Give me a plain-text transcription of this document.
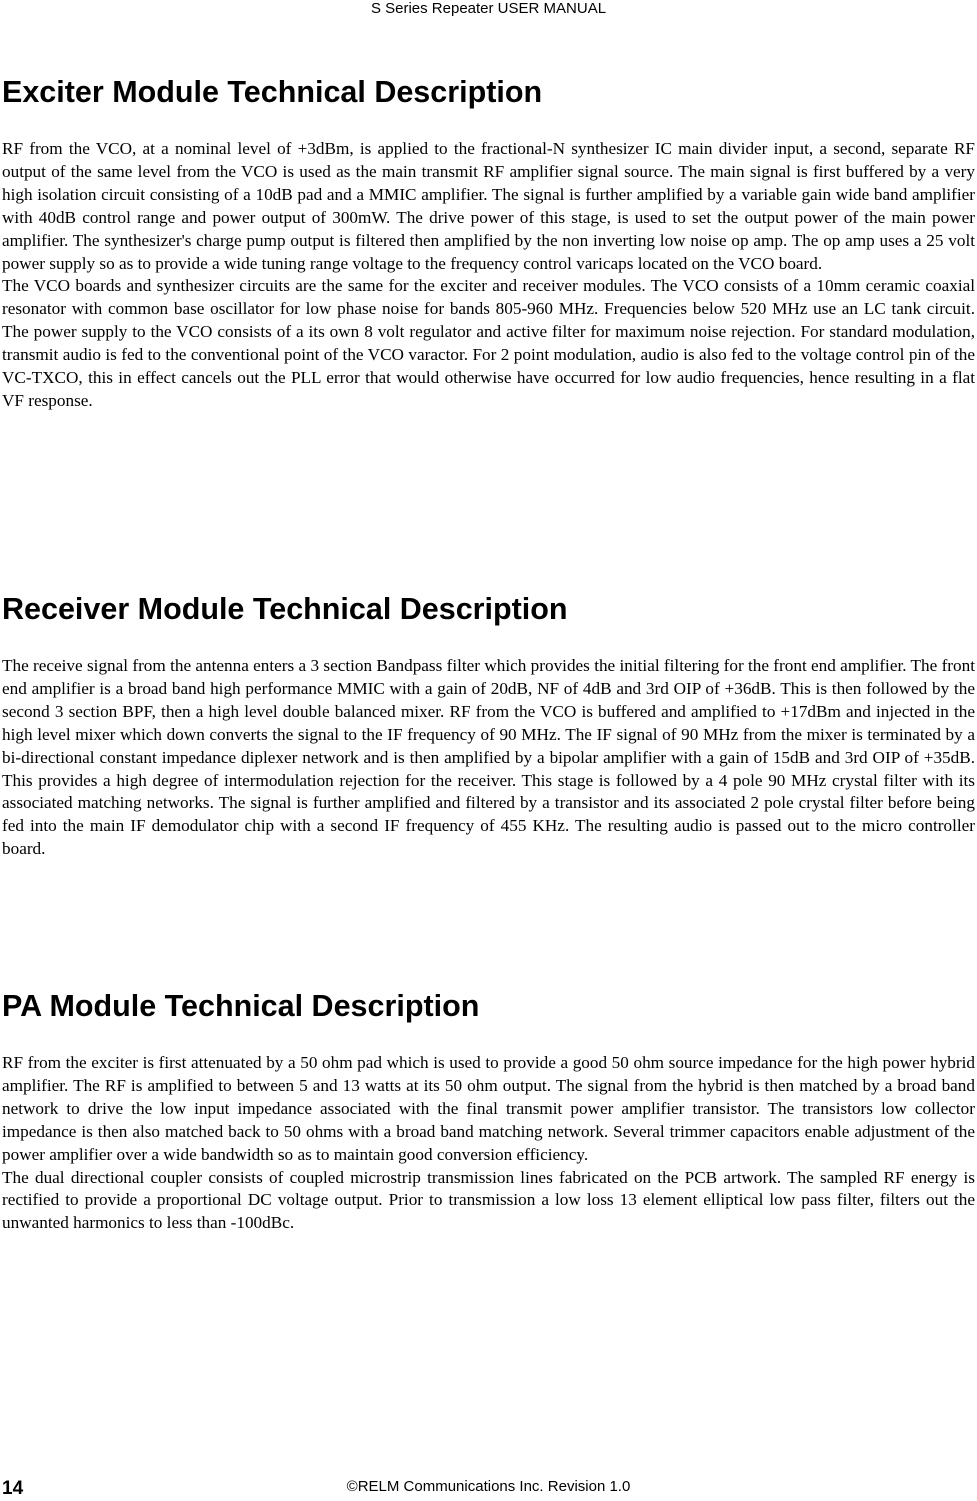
S Series Repeater USER MANUAL
Exciter Module Technical Description

RF from the VCO, at a nominal level of +3dBm, is applied to the fractional-N synthesizer IC main divider input, a second, separate RF output of the same level from the VCO is used as the main transmit RF amplifier signal source. The main signal is first buffered by a very high isolation circuit consisting of a 10dB pad and a MMIC amplifier. The signal is further amplified by a variable gain wide band amplifier with 40dB control range and power output of 300mW. The drive power of this stage, is used to set the output power of the main power amplifier. The synthesizer's charge pump output is filtered then amplified by the non inverting low noise op amp. The op amp uses a 25 volt power supply so as to provide a wide tuning range voltage to the frequency control varicaps located on the VCO board.

The VCO boards and synthesizer circuits are the same for the exciter and receiver modules. The VCO consists of a 10mm ceramic coaxial resonator with common base oscillator for low phase noise for bands 805-960 MHz. Frequencies below 520 MHz use an LC tank circuit. The power supply to the VCO consists of a its own 8 volt regulator and active filter for maximum noise rejection. For standard modulation, transmit audio is fed to the conventional point of the VCO varactor. For 2 point modulation, audio is also fed to the voltage control pin of the VC-TXCO, this in effect cancels out the PLL error that would otherwise have occurred for low audio frequencies, hence resulting in a flat VF response.

Receiver Module Technical Description

The receive signal from the antenna enters a 3 section Bandpass filter which provides the initial filtering for the front end amplifier. The front end amplifier is a broad band high performance MMIC with a gain of 20dB, NF of 4dB and 3rd OIP of +36dB. This is then followed by the second 3 section BPF, then a high level double balanced mixer. RF from the VCO is buffered and amplified to +17dBm and injected in the high level mixer which down converts the signal to the IF frequency of 90 MHz. The IF signal of 90 MHz from the mixer is terminated by a bi-directional constant impedance diplexer network and is then amplified by a bipolar amplifier with a gain of 15dB and 3rd OIP of +35dB. This provides a high degree of intermodulation rejection for the receiver. This stage is followed by a 4 pole 90 MHz crystal filter with its associated matching networks. The signal is further amplified and filtered by a transistor and its associated 2 pole crystal filter before being fed into the main IF demodulator chip with a second IF frequency of 455 KHz. The resulting audio is passed out to the micro controller board.

PA Module Technical Description

RF from the exciter is first attenuated by a 50 ohm pad which is used to provide a good 50 ohm source impedance for the high power hybrid amplifier. The RF is amplified to between 5 and 13 watts at its 50 ohm output. The signal from the hybrid is then matched by a broad band network to drive the low input impedance associated with the final transmit power amplifier transistor. The transistors low collector impedance is then also matched back to 50 ohms with a broad band matching network. Several trimmer capacitors enable adjustment of the power amplifier over a wide bandwidth so as to maintain good conversion efficiency.

The dual directional coupler consists of coupled microstrip transmission lines fabricated on the PCB artwork. The sampled RF energy is rectified to provide a proportional DC voltage output. Prior to transmission a low loss 13 element elliptical low pass filter, filters out the unwanted harmonics to less than -100dBc.

14	©RELM Communications Inc. Revision 1.0
